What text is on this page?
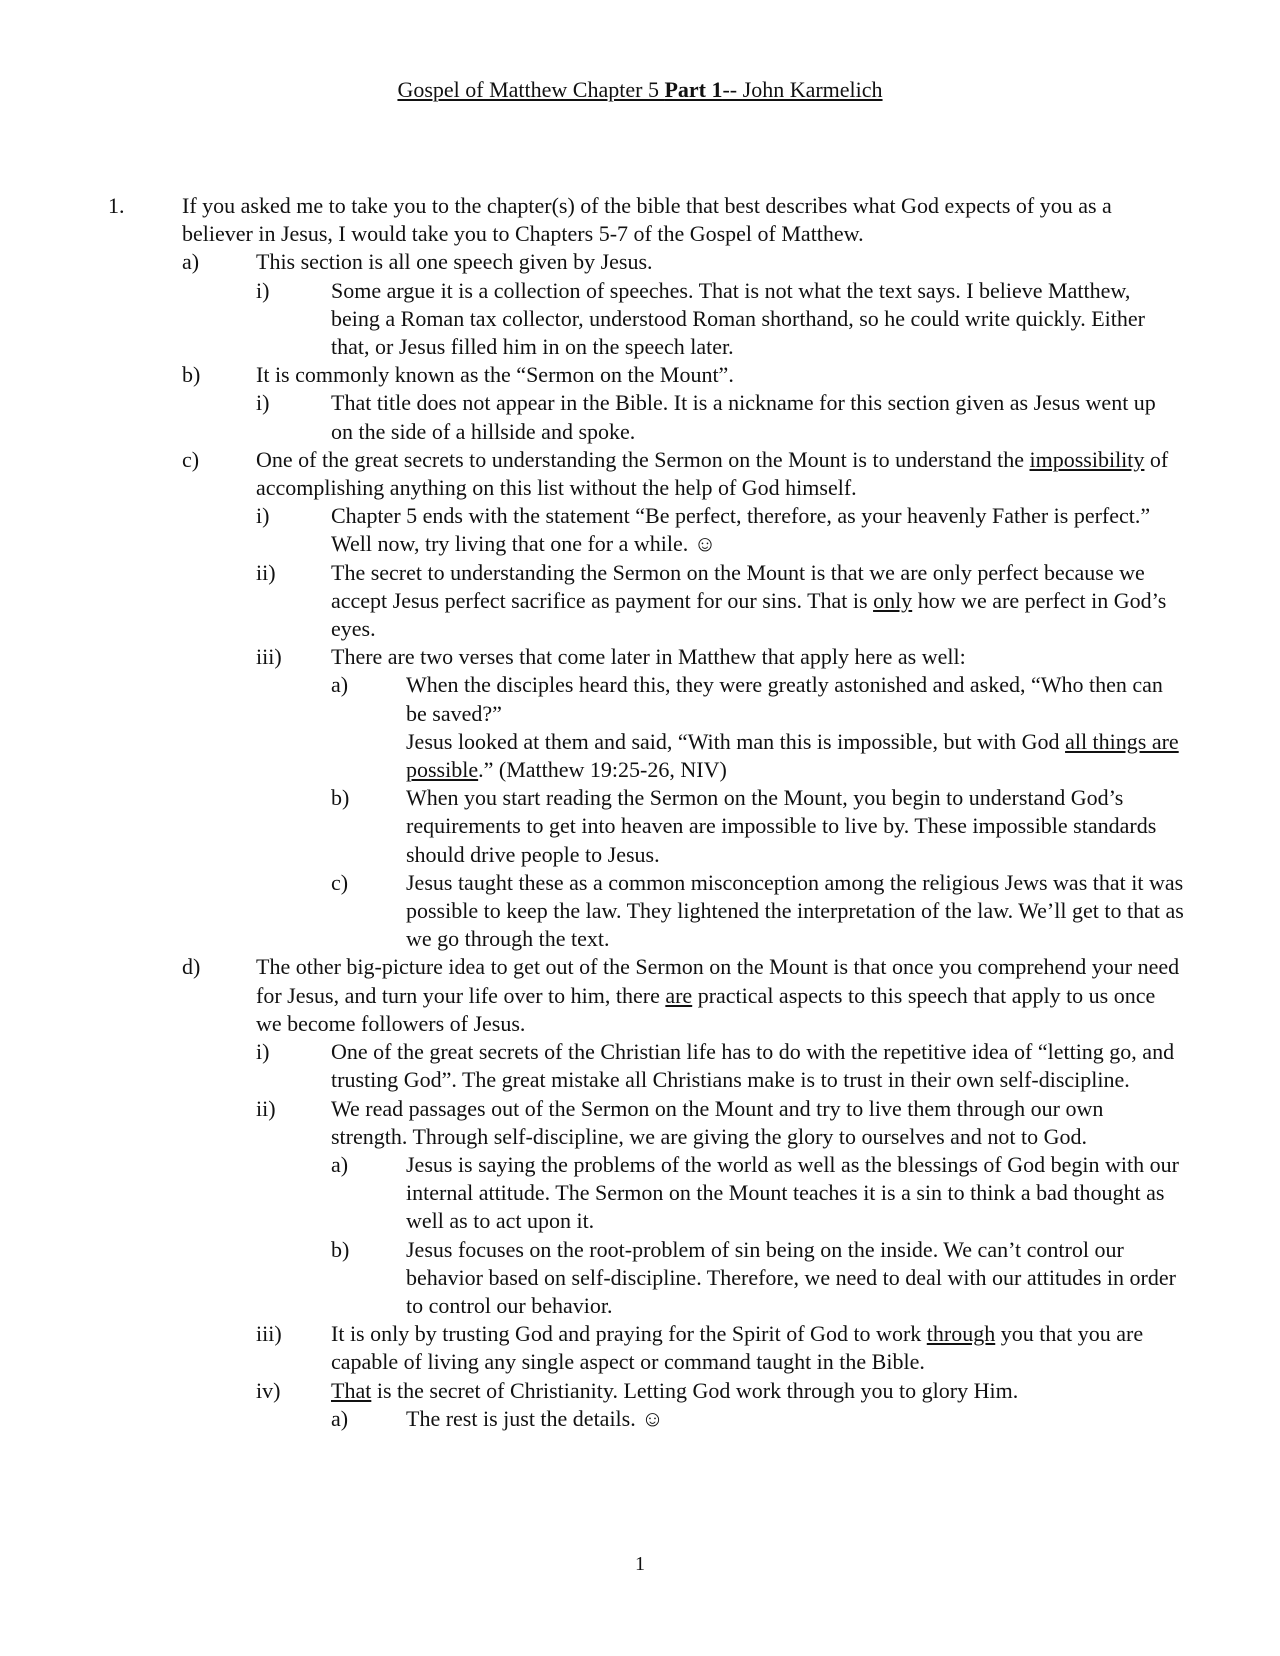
Gospel of Matthew Chapter 5 Part 1-- John Karmelich
1.	If you asked me to take you to the chapter(s) of the bible that best describes what God expects of you as a believer in Jesus, I would take you to Chapters 5-7 of the Gospel of Matthew.
a)	This section is all one speech given by Jesus.
i)	Some argue it is a collection of speeches. That is not what the text says. I believe Matthew, being a Roman tax collector, understood Roman shorthand, so he could write quickly. Either that, or Jesus filled him in on the speech later.
b)	It is commonly known as the “Sermon on the Mount”.
i)	That title does not appear in the Bible. It is a nickname for this section given as Jesus went up on the side of a hillside and spoke.
c)	One of the great secrets to understanding the Sermon on the Mount is to understand the impossibility of accomplishing anything on this list without the help of God himself.
i)	Chapter 5 ends with the statement “Be perfect, therefore, as your heavenly Father is perfect.” Well now, try living that one for a while. ☺
ii)	The secret to understanding the Sermon on the Mount is that we are only perfect because we accept Jesus perfect sacrifice as payment for our sins. That is only how we are perfect in God’s eyes.
iii) There are two verses that come later in Matthew that apply here as well:
a)	When the disciples heard this, they were greatly astonished and asked, “Who then can be saved?”
Jesus looked at them and said, “With man this is impossible, but with God all things are possible.” (Matthew 19:25-26, NIV)
b)	When you start reading the Sermon on the Mount, you begin to understand God’s requirements to get into heaven are impossible to live by. These impossible standards should drive people to Jesus.
c)	Jesus taught these as a common misconception among the religious Jews was that it was possible to keep the law. They lightened the interpretation of the law. We’ll get to that as we go through the text.
d)	The other big-picture idea to get out of the Sermon on the Mount is that once you comprehend your need for Jesus, and turn your life over to him, there are practical aspects to this speech that apply to us once we become followers of Jesus.
i)	One of the great secrets of the Christian life has to do with the repetitive idea of “letting go, and trusting God”. The great mistake all Christians make is to trust in their own self-discipline.
ii)	We read passages out of the Sermon on the Mount and try to live them through our own strength. Through self-discipline, we are giving the glory to ourselves and not to God.
a)	Jesus is saying the problems of the world as well as the blessings of God begin with our internal attitude. The Sermon on the Mount teaches it is a sin to think a bad thought as well as to act upon it.
b)	Jesus focuses on the root-problem of sin being on the inside. We can’t control our behavior based on self-discipline. Therefore, we need to deal with our attitudes in order to control our behavior.
iii) It is only by trusting God and praying for the Spirit of God to work through you that you are capable of living any single aspect or command taught in the Bible.
iv) That is the secret of Christianity. Letting God work through you to glory Him.
a)	The rest is just the details. ☺
1
